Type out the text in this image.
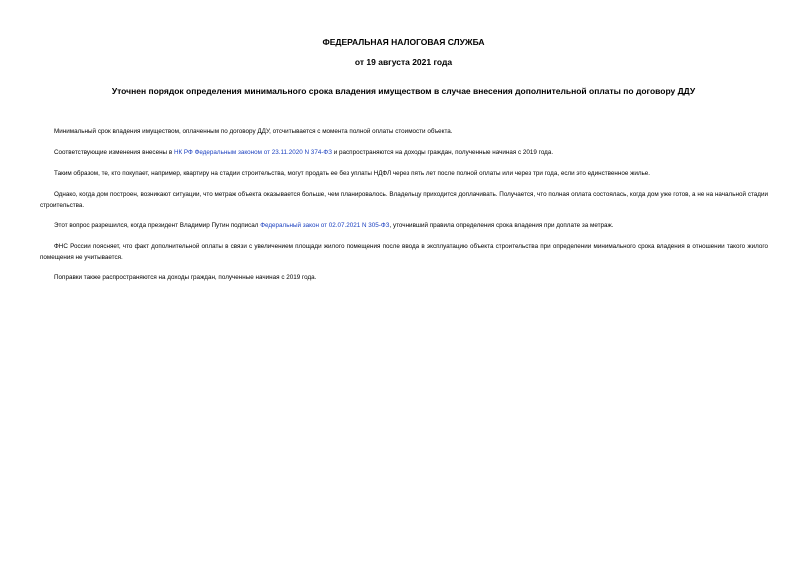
ФЕДЕРАЛЬНАЯ НАЛОГОВАЯ СЛУЖБА
от 19 августа 2021 года
Уточнен порядок определения минимального срока владения имуществом в случае внесения дополнительной оплаты по договору ДДУ

Минимальный срок владения имуществом, оплаченным по договору ДДУ, отсчитывается с момента полной оплаты стоимости объекта.

Соответствующие изменения внесены в НК РФ Федеральным законом от 23.11.2020 N 374-ФЗ и распространяются на доходы граждан, полученные начиная с 2019 года.

Таким образом, те, кто покупает, например, квартиру на стадии строительства, могут продать ее без уплаты НДФЛ через пять лет после полной оплаты или через три года, если это единственное жилье.

Однако, когда дом построен, возникают ситуации, что метраж объекта оказывается больше, чем планировалось. Владельцу приходится доплачивать. Получается, что полная оплата состоялась, когда дом уже готов, а не на начальной стадии строительства.

Этот вопрос разрешился, когда президент Владимир Путин подписал Федеральный закон от 02.07.2021 N 305-ФЗ, уточнивший правила определения срока владения при доплате за метраж.

ФНС России поясняет, что факт дополнительной оплаты в связи с увеличением площади жилого помещения после ввода в эксплуатацию объекта строительства при определении минимального срока владения в отношении такого жилого помещения не учитывается.

Поправки также распространяются на доходы граждан, полученные начиная с 2019 года.
